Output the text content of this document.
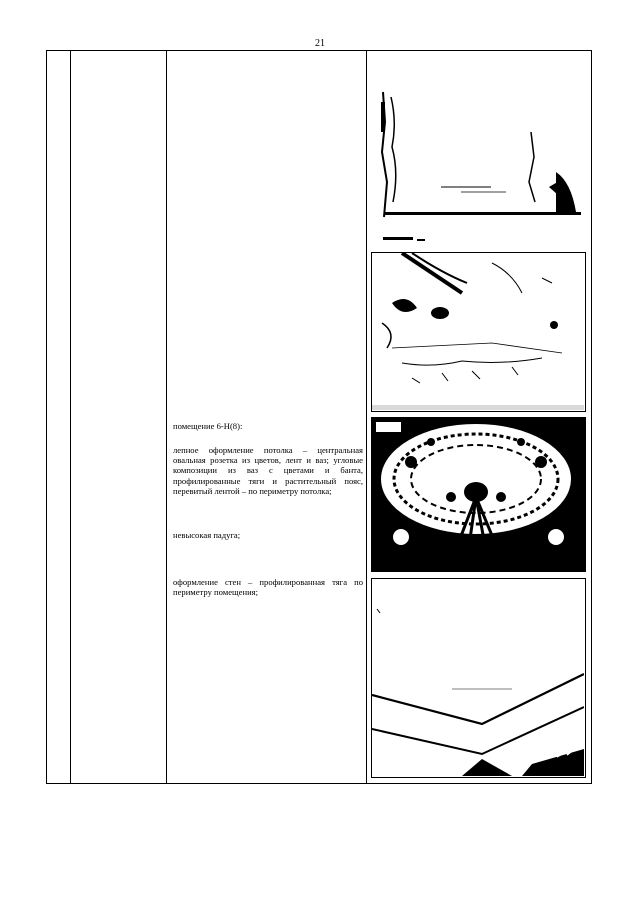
21

помещение 6-Н(8):

лепное оформление потолка – центральная овальная розетка из цветов, лент и ваз; угловые композиции из ваз с цветами и банта, профилированные тяги и растительный пояс, перевитый лентой – по периметру потолка;

невысокая падуга;

оформление стен – профилированная тяга по периметру помещения;
